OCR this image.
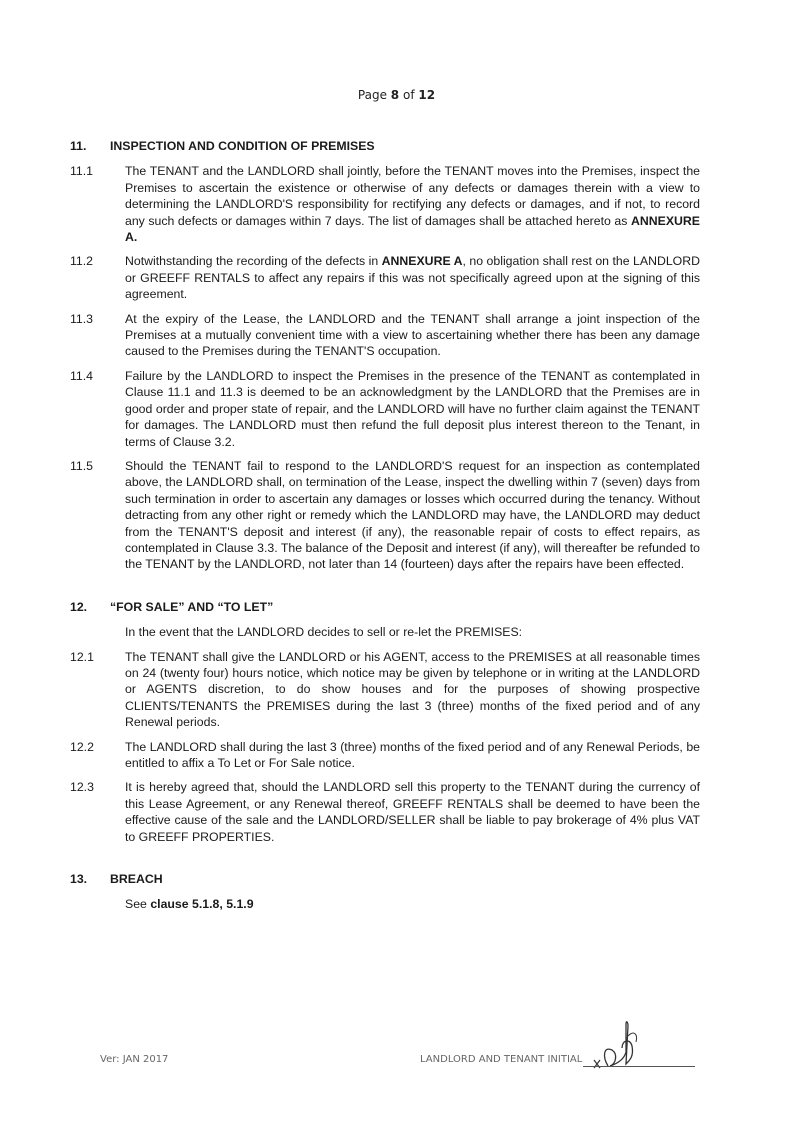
Page 8 of 12
11.	INSPECTION AND CONDITION OF PREMISES
11.1	The TENANT and the LANDLORD shall jointly, before the TENANT moves into the Premises, inspect the Premises to ascertain the existence or otherwise of any defects or damages therein with a view to determining the LANDLORD'S responsibility for rectifying any defects or damages, and if not, to record any such defects or damages within 7 days. The list of damages shall be attached hereto as ANNEXURE A.
11.2	Notwithstanding the recording of the defects in ANNEXURE A, no obligation shall rest on the LANDLORD or GREEFF RENTALS to affect any repairs if this was not specifically agreed upon at the signing of this agreement.
11.3	At the expiry of the Lease, the LANDLORD and the TENANT shall arrange a joint inspection of the Premises at a mutually convenient time with a view to ascertaining whether there has been any damage caused to the Premises during the TENANT'S occupation.
11.4	Failure by the LANDLORD to inspect the Premises in the presence of the TENANT as contemplated in Clause 11.1 and 11.3 is deemed to be an acknowledgment by the LANDLORD that the Premises are in good order and proper state of repair, and the LANDLORD will have no further claim against the TENANT for damages. The LANDLORD must then refund the full deposit plus interest thereon to the Tenant, in terms of Clause 3.2.
11.5	Should the TENANT fail to respond to the LANDLORD'S request for an inspection as contemplated above, the LANDLORD shall, on termination of the Lease, inspect the dwelling within 7 (seven) days from such termination in order to ascertain any damages or losses which occurred during the tenancy. Without detracting from any other right or remedy which the LANDLORD may have, the LANDLORD may deduct from the TENANT'S deposit and interest (if any), the reasonable repair of costs to effect repairs, as contemplated in Clause 3.3. The balance of the Deposit and interest (if any), will thereafter be refunded to the TENANT by the LANDLORD, not later than 14 (fourteen) days after the repairs have been effected.
12.	“FOR SALE” AND “TO LET”
In the event that the LANDLORD decides to sell or re-let the PREMISES:
12.1	The TENANT shall give the LANDLORD or his AGENT, access to the PREMISES at all reasonable times on 24 (twenty four) hours notice, which notice may be given by telephone or in writing at the LANDLORD or AGENTS discretion, to do show houses and for the purposes of showing prospective CLIENTS/TENANTS the PREMISES during the last 3 (three) months of the fixed period and of any Renewal periods.
12.2	The LANDLORD shall during the last 3 (three) months of the fixed period and of any Renewal Periods, be entitled to affix a To Let or For Sale notice.
12.3	It is hereby agreed that, should the LANDLORD sell this property to the TENANT during the currency of this Lease Agreement, or any Renewal thereof, GREEFF RENTALS shall be deemed to have been the effective cause of the sale and the LANDLORD/SELLER shall be liable to pay brokerage of 4% plus VAT to GREEFF PROPERTIES.
13.	BREACH
See clause 5.1.8, 5.1.9
Ver: JAN 2017	LANDLORD AND TENANT INITIAL
